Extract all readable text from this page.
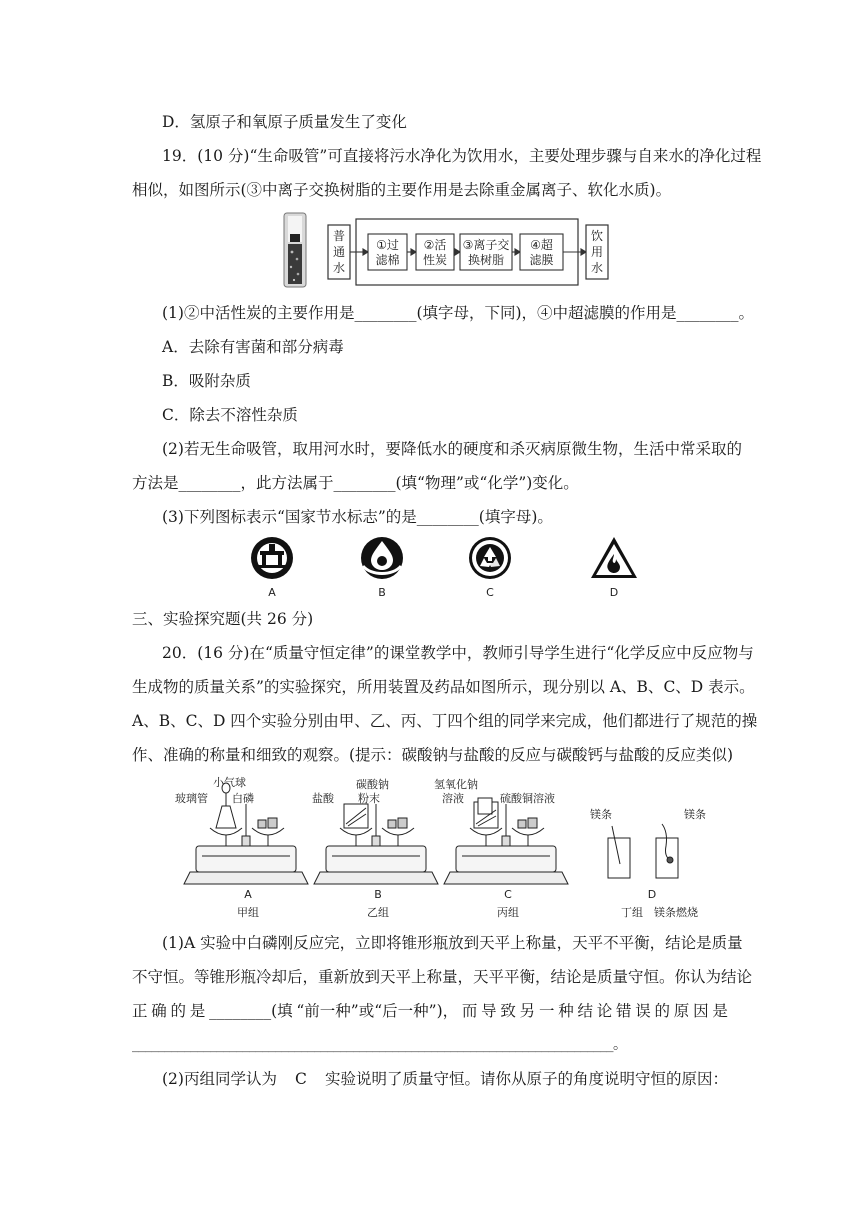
D．氢原子和氧原子质量发生了变化
19．(10 分)“生命吸管”可直接将污水净化为饮用水，主要处理步骤与自来水的净化过程
相似，如图所示(③中离子交换树脂的主要作用是去除重金属离子、软化水质)。
普
通
水
①过
滤棉
②活
性炭
③离子交
换树脂
④超
滤膜
饮
用
水
(1)②中活性炭的主要作用是________(填字母，下同)，④中超滤膜的作用是________。
A．去除有害菌和部分病毒
B．吸附杂质
C．除去不溶性杂质
(2)若无生命吸管，取用河水时，要降低水的硬度和杀灭病原微生物，生活中常采取的
方法是________，此方法属于________(填“物理”或“化学”)变化。
(3)下列图标表示“国家节水标志”的是________(填字母)。
A	B	C	D
三、实验探究题(共 26 分)
20．(16 分)在“质量守恒定律”的课堂教学中，教师引导学生进行“化学反应中反应物与
生成物的质量关系”的实验探究，所用装置及药品如图所示，现分别以 A、B、C、D 表示。
A、B、C、D 四个实验分别由甲、乙、丙、丁四个组的同学来完成，他们都进行了规范的操
作、准确的称量和细致的观察。(提示：碳酸钠与盐酸的反应与碳酸钙与盐酸的反应类似)
小气球
玻璃管 白磷
A
甲组
盐酸
碳酸钠
粉末
B
乙组
氢氧化钠
溶液	硫酸铜溶液
C
丙组
镁条	镁条
D
丁组 镁条燃烧
(1)A 实验中白磷刚反应完，立即将锥形瓶放到天平上称量，天平不平衡，结论是质量
不守恒。等锥形瓶冷却后，重新放到天平上称量，天平平衡，结论是质量守恒。你认为结论
正 确 的 是 ________(填 “前一种”或“后一种”)， 而 导 致 另 一 种 结 论 错 误 的 原 因 是
__________________________________________________________________________。
(2)丙组同学认为 C 实验说明了质量守恒。请你从原子的角度说明守恒的原因：
